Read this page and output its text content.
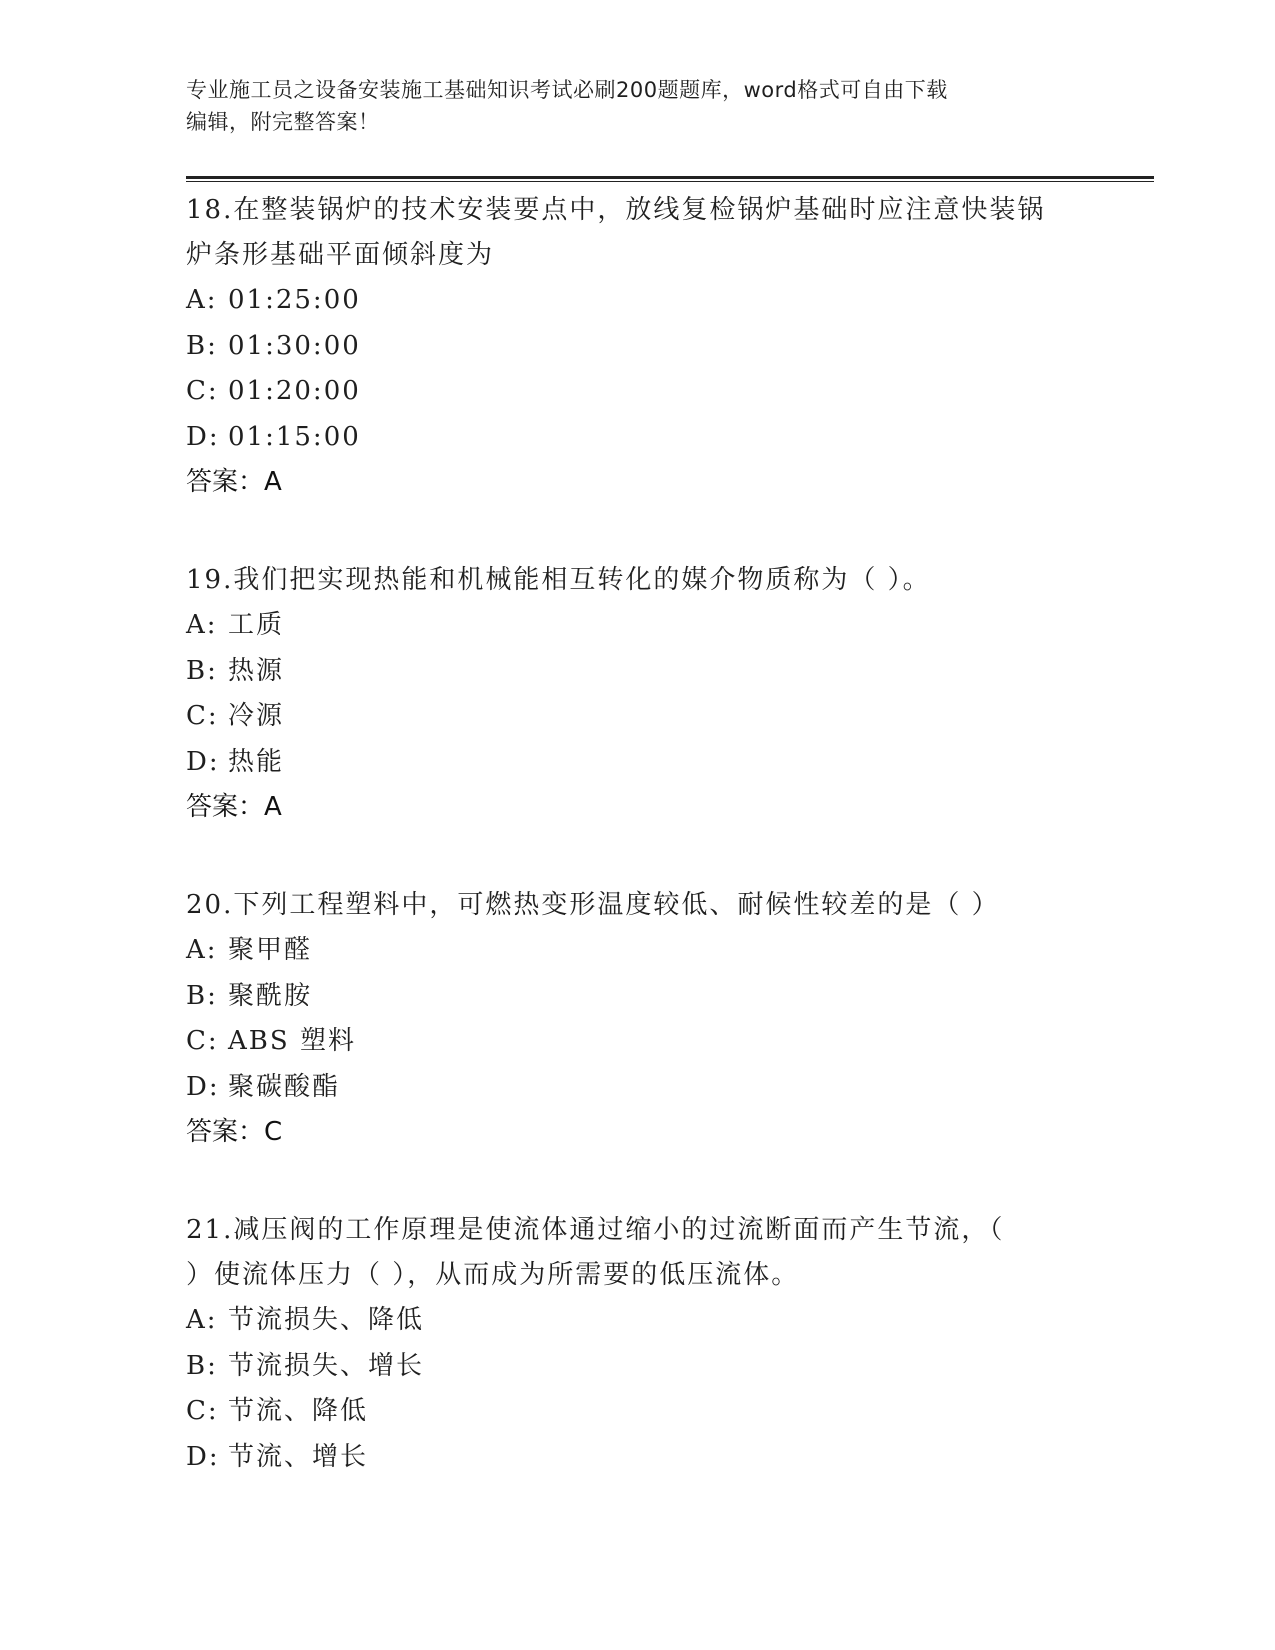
专业施工员之设备安装施工基础知识考试必刷200题题库，word格式可自由下载
编辑，附完整答案！
18.在整装锅炉的技术安装要点中，放线复检锅炉基础时应注意快装锅
炉条形基础平面倾斜度为
A: 01:25:00
B: 01:30:00
C: 01:20:00
D: 01:15:00
答案：A
19.我们把实现热能和机械能相互转化的媒介物质称为（ ）。
A: 工质
B: 热源
C: 冷源
D: 热能
答案：A
20.下列工程塑料中，可燃热变形温度较低、耐候性较差的是（ ）
A: 聚甲醛
B: 聚酰胺
C: ABS 塑料
D: 聚碳酸酯
答案：C
21.减压阀的工作原理是使流体通过缩小的过流断面而产生节流，（
）使流体压力（ ），从而成为所需要的低压流体。
A: 节流损失、降低
B: 节流损失、增长
C: 节流、降低
D: 节流、增长
